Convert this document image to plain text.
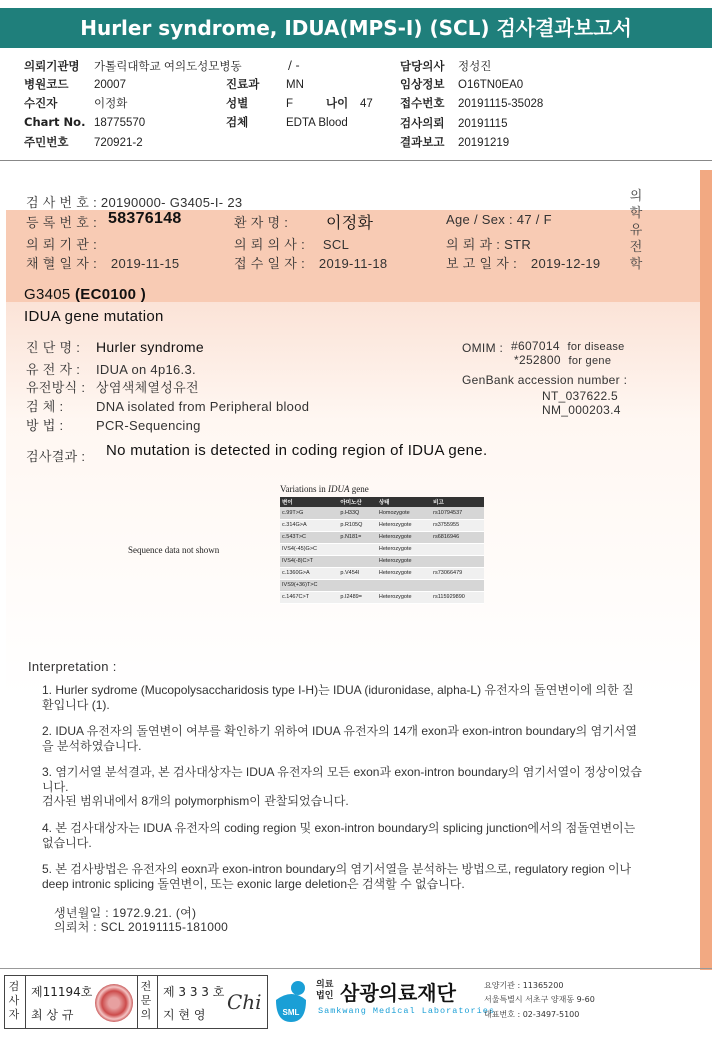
Hurler syndrome, IDUA(MPS-I) (SCL) 검사결과보고서
의뢰기관명 가톨릭대학교 여의도성모병동	/ -
병원코드 20007	진료과 MN
수진자	이정화	성별	F	나이 47
Chart No. 18775570	검체	EDTA Blood
주민번호 720921-2
담당의사 정성진
임상정보 O16TN0EA0
접수번호 20191115-35028
검사의뢰 20191115
결과보고 20191219
검 사 번 호 : 20190000- G3405-I- 23
등 록 번 호 : 58376148	환 자 명 : 이정화	Age / Sex : 47 / F
의 뢰 기 관 :	의 뢰 의 사 : SCL	의 뢰 과 : STR
채 혈 일 자 : 2019-11-15	접 수 일 자 : 2019-11-18	보 고 일 자 : 2019-12-19
의학유전학
G3405 (EC0100 )
IDUA gene mutation
진 단 명 : Hurler syndrome
유 전 자 : IDUA on 4p16.3.
유전방식 : 상염색체열성유전
검 체 :	DNA isolated from Peripheral blood
방 법 :	PCR-Sequencing
OMIM : #607014 for disease
*252800 for gene
GenBank accession number :
NT_037622.5
NM_000203.4
검사결과 : No mutation is detected in coding region of IDUA gene.
Sequence data not shown
Variations in IDUA gene
변이	아미노산	상태	비고
c.99T>G	p.H33Q	Homozygote	rs10794537
c.314G>A	p.R105Q	Heterozygote	rs3755955
c.543T>C	p.N181=	Heterozygote	rs6816946
IVS4(-45)G>C		Heterozygote	
IVS4(-8)C>T		Heterozygote	
c.1360G>A	p.V454I	Heterozygote	rs73066479
IVS9(+36)T>C			
c.1467C>T	p.I2489=	Heterozygote	rs115929890
Interpretation :
1. Hurler sydrome (Mucopolysaccharidosis type I-H)는 IDUA (iduronidase, alpha-L) 유전자의 돌연변이에 의한 질환입니다 (1).
2. IDUA 유전자의 돌연변이 여부를 확인하기 위하여 IDUA 유전자의 14개 exon과 exon-intron boundary의 염기서열을 분석하였습니다.
3. 염기서열 분석결과, 본 검사대상자는 IDUA 유전자의 모든 exon과 exon-intron boundary의 염기서열이 정상이었습니다.
검사된 범위내에서 8개의 polymorphism이 관찰되었습니다.
4. 본 검사대상자는 IDUA 유전자의 coding region 및 exon-intron boundary의 splicing junction에서의 점돌연변이는 없습니다.
5. 본 검사방법은 유전자의 eoxn과 exon-intron boundary의 염기서열을 분석하는 방법으로, regulatory region 이나 deep intronic splicing 돌연변이, 또는 exonic large deletion은 검색할 수 없습니다.
생년월일 : 1972.9.21. (여)
의뢰처 : SCL 20191115-181000
검사자
제11194호
최 상 규
전문의
제 3 3 3 호
지 현 영
Chi	SML
의료법인 삼광의료재단
Samkwang Medical Laboratories
요양기관 : 11365200
서울특별시 서초구 양재동 9-60
대표번호 : 02-3497-5100
